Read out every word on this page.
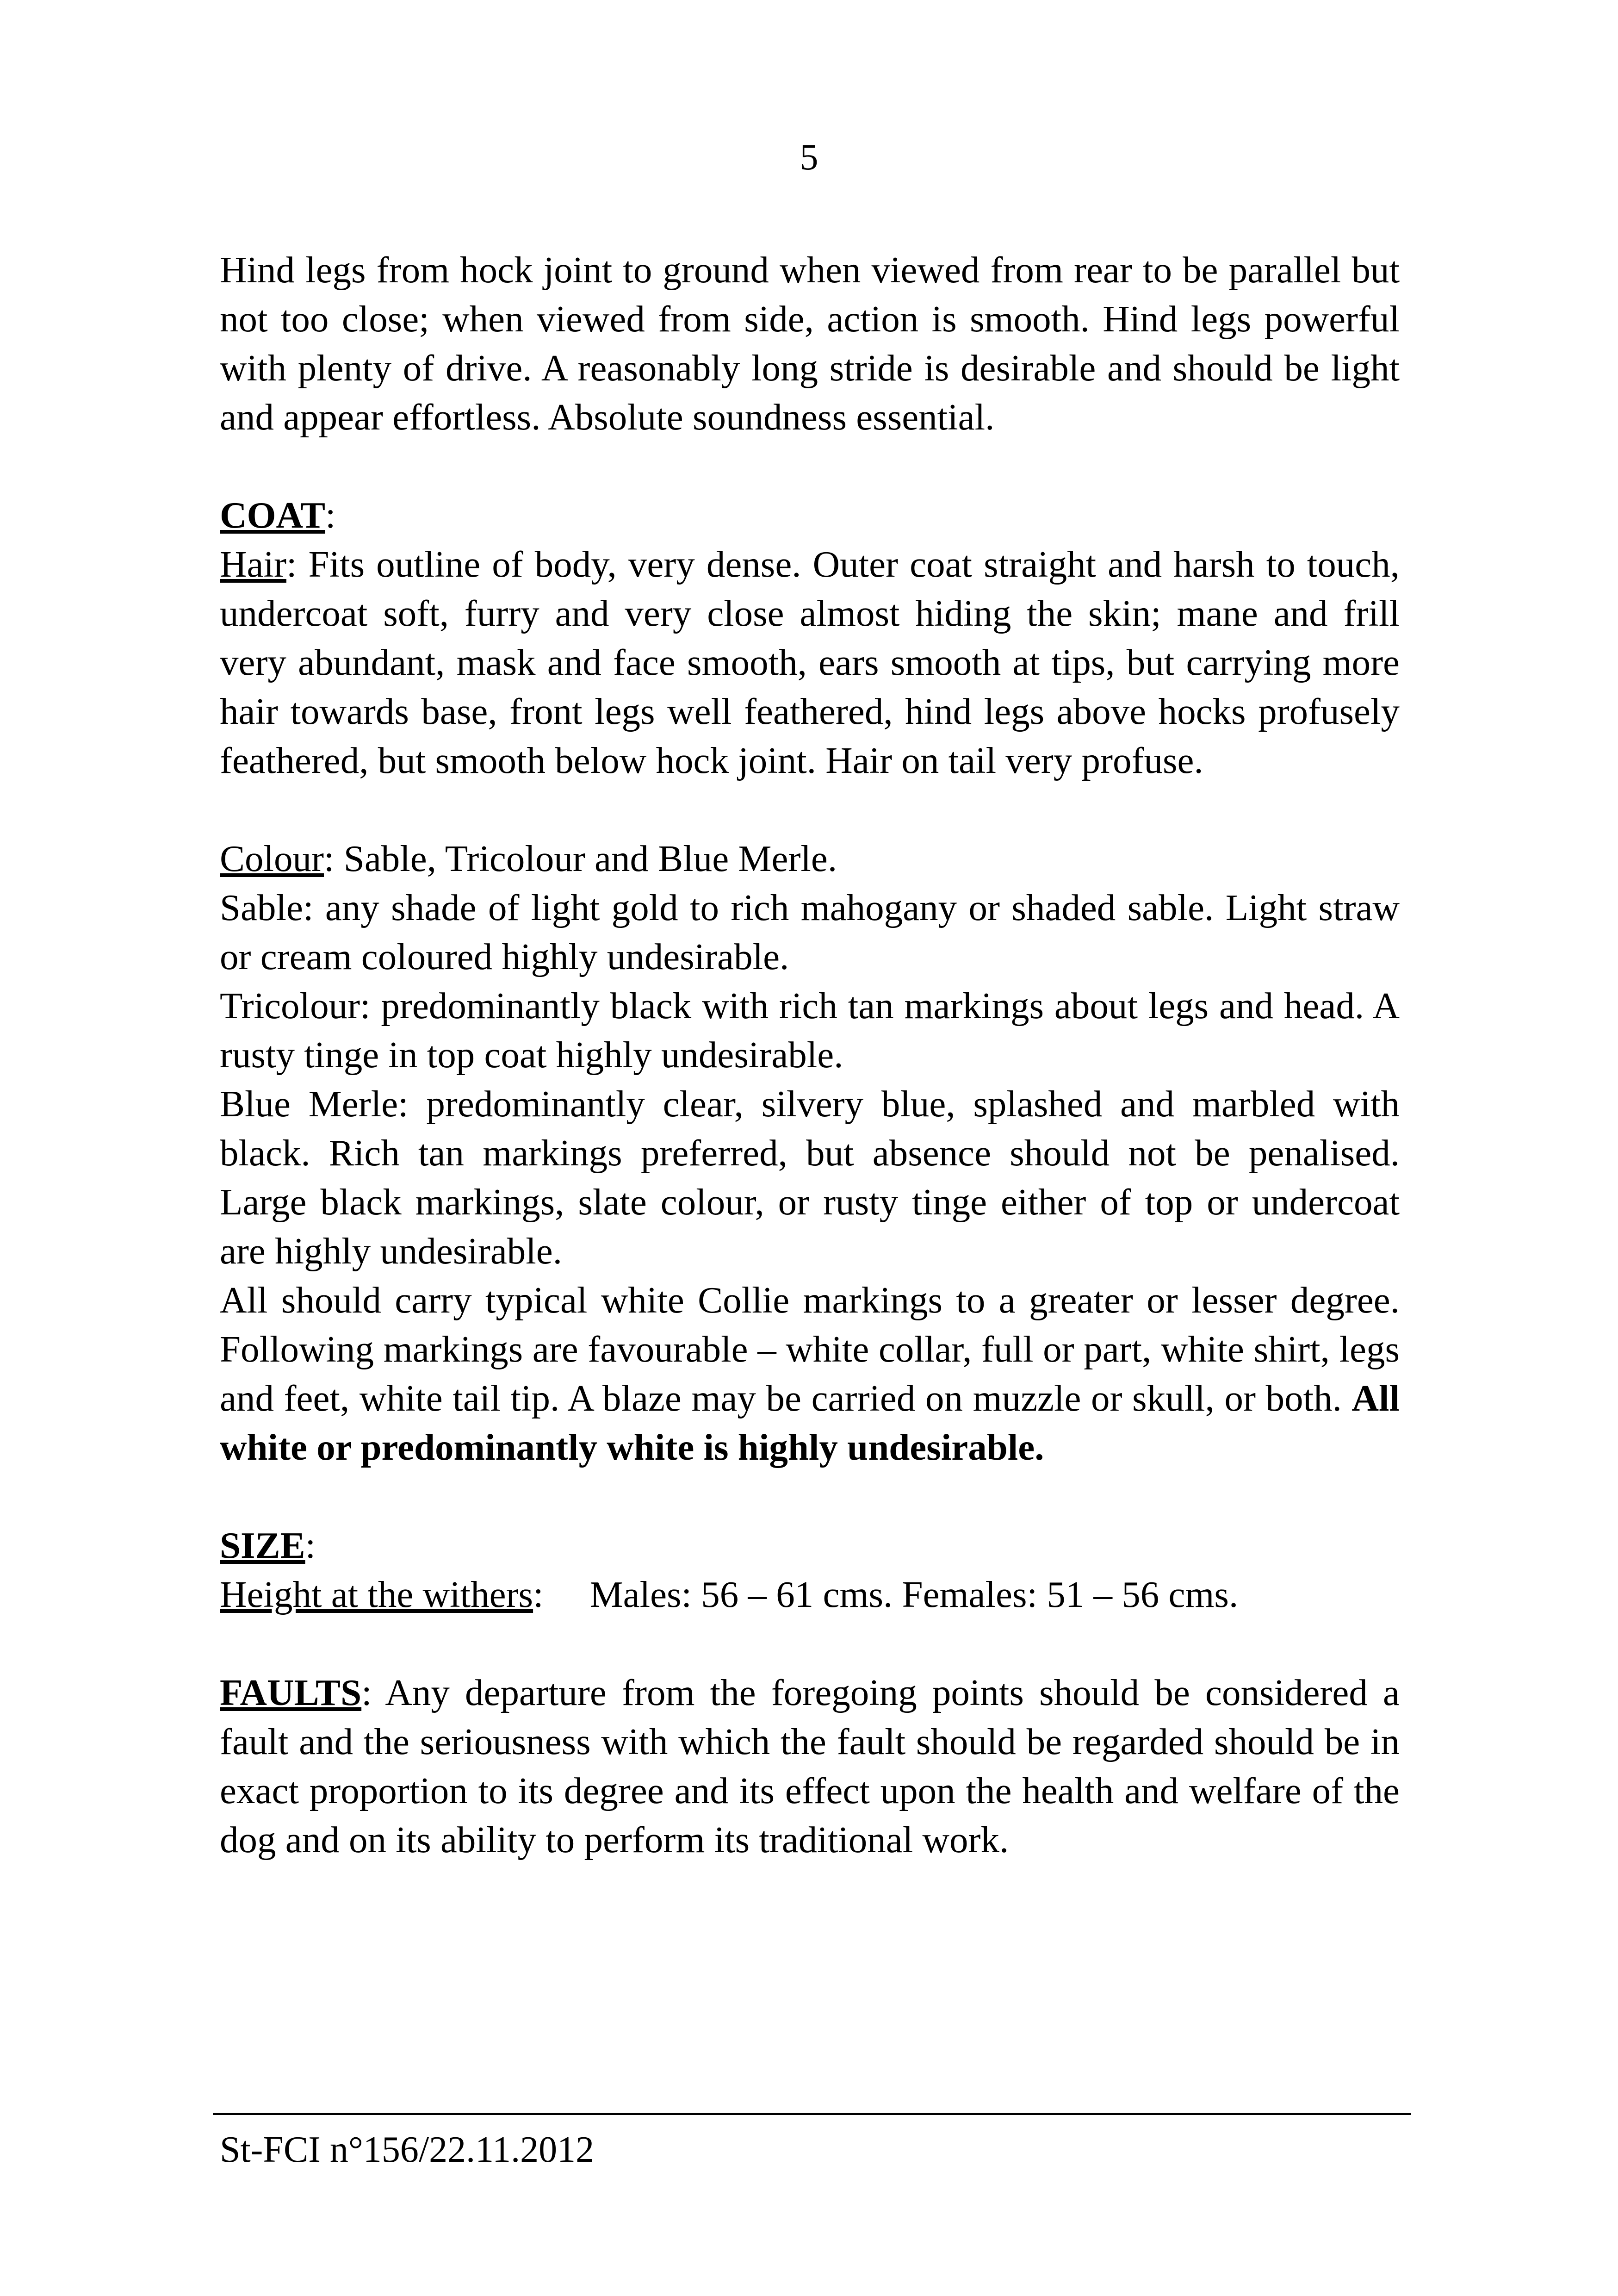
5

Hind legs from hock joint to ground when viewed from rear to be parallel but not too close; when viewed from side, action is smooth. Hind legs powerful with plenty of drive. A reasonably long stride is desirable and should be light and appear effortless. Absolute soundness essential.

COAT:

Hair: Fits outline of body, very dense. Outer coat straight and harsh to touch, undercoat soft, furry and very close almost hiding the skin; mane and frill very abundant, mask and face smooth, ears smooth at tips, but carrying more hair towards base, front legs well feathered, hind legs above hocks profusely feathered, but smooth below hock joint. Hair on tail very profuse.

Colour: Sable, Tricolour and Blue Merle.

Sable: any shade of light gold to rich mahogany or shaded sable. Light straw or cream coloured highly undesirable.

Tricolour: predominantly black with rich tan markings about legs and head. A rusty tinge in top coat highly undesirable.

Blue Merle: predominantly clear, silvery blue, splashed and marbled with black. Rich tan markings preferred, but absence should not be penalised. Large black markings, slate colour, or rusty tinge either of top or undercoat are highly undesirable.

All should carry typical white Collie markings to a greater or lesser degree. Following markings are favourable – white collar, full or part, white shirt, legs and feet, white tail tip. A blaze may be carried on muzzle or skull, or both. All white or predominantly white is highly undesirable.

SIZE:

Height at the withers: Males: 56 – 61 cms. Females: 51 – 56 cms.

FAULTS: Any departure from the foregoing points should be considered a fault and the seriousness with which the fault should be regarded should be in exact proportion to its degree and its effect upon the health and welfare of the dog and on its ability to perform its traditional work.

St-FCI n°156/22.11.2012
